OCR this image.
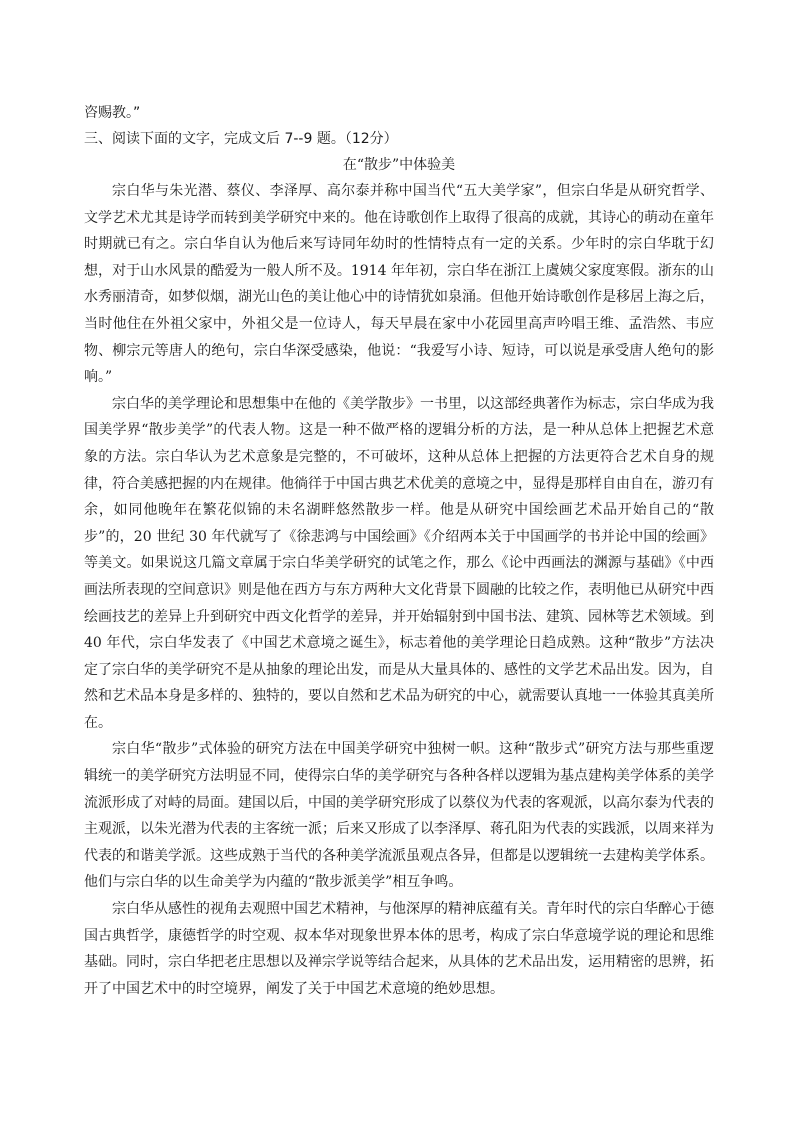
咨赐教。”

三、阅读下面的文字，完成文后 7--9 题。（12分）

在“散步”中体验美

宗白华与朱光潜、蔡仪、李泽厚、高尔泰并称中国当代“五大美学家”，但宗白华是从研究哲学、文学艺术尤其是诗学而转到美学研究中来的。他在诗歌创作上取得了很高的成就，其诗心的萌动在童年时期就已有之。宗白华自认为他后来写诗同年幼时的性情特点有一定的关系。少年时的宗白华耽于幻想，对于山水风景的酷爱为一般人所不及。1914 年年初，宗白华在浙江上虞姨父家度寒假。浙东的山水秀丽清奇，如梦似烟，湖光山色的美让他心中的诗情犹如泉涌。但他开始诗歌创作是移居上海之后，当时他住在外祖父家中，外祖父是一位诗人，每天早晨在家中小花园里高声吟唱王维、孟浩然、韦应物、柳宗元等唐人的绝句，宗白华深受感染，他说：“我爱写小诗、短诗，可以说是承受唐人绝句的影响。”

宗白华的美学理论和思想集中在他的《美学散步》一书里，以这部经典著作为标志，宗白华成为我国美学界“散步美学”的代表人物。这是一种不做严格的逻辑分析的方法，是一种从总体上把握艺术意象的方法。宗白华认为艺术意象是完整的，不可破坏，这种从总体上把握的方法更符合艺术自身的规律，符合美感把握的内在规律。他徜徉于中国古典艺术优美的意境之中，显得是那样自由自在，游刃有余，如同他晚年在繁花似锦的未名湖畔悠然散步一样。他是从研究中国绘画艺术品开始自己的“散步”的，20 世纪 30 年代就写了《徐悲鸿与中国绘画》《介绍两本关于中国画学的书并论中国的绘画》等美文。如果说这几篇文章属于宗白华美学研究的试笔之作，那么《论中西画法的渊源与基础》《中西画法所表现的空间意识》则是他在西方与东方两种大文化背景下圆融的比较之作，表明他已从研究中西绘画技艺的差异上升到研究中西文化哲学的差异，并开始辐射到中国书法、建筑、园林等艺术领域。到 40 年代，宗白华发表了《中国艺术意境之诞生》，标志着他的美学理论日趋成熟。这种“散步”方法决定了宗白华的美学研究不是从抽象的理论出发，而是从大量具体的、感性的文学艺术品出发。因为，自然和艺术品本身是多样的、独特的，要以自然和艺术品为研究的中心，就需要认真地一一体验其真美所在。

宗白华“散步”式体验的研究方法在中国美学研究中独树一帜。这种“散步式”研究方法与那些重逻辑统一的美学研究方法明显不同，使得宗白华的美学研究与各种各样以逻辑为基点建构美学体系的美学流派形成了对峙的局面。建国以后，中国的美学研究形成了以蔡仪为代表的客观派，以高尔泰为代表的主观派，以朱光潜为代表的主客统一派；后来又形成了以李泽厚、蒋孔阳为代表的实践派，以周来祥为代表的和谐美学派。这些成熟于当代的各种美学流派虽观点各异，但都是以逻辑统一去建构美学体系。他们与宗白华的以生命美学为内蕴的“散步派美学”相互争鸣。

宗白华从感性的视角去观照中国艺术精神，与他深厚的精神底蕴有关。青年时代的宗白华醉心于德国古典哲学，康德哲学的时空观、叔本华对现象世界本体的思考，构成了宗白华意境学说的理论和思维基础。同时，宗白华把老庄思想以及禅宗学说等结合起来，从具体的艺术品出发，运用精密的思辨，拓开了中国艺术中的时空境界，阐发了关于中国艺术意境的绝妙思想。
